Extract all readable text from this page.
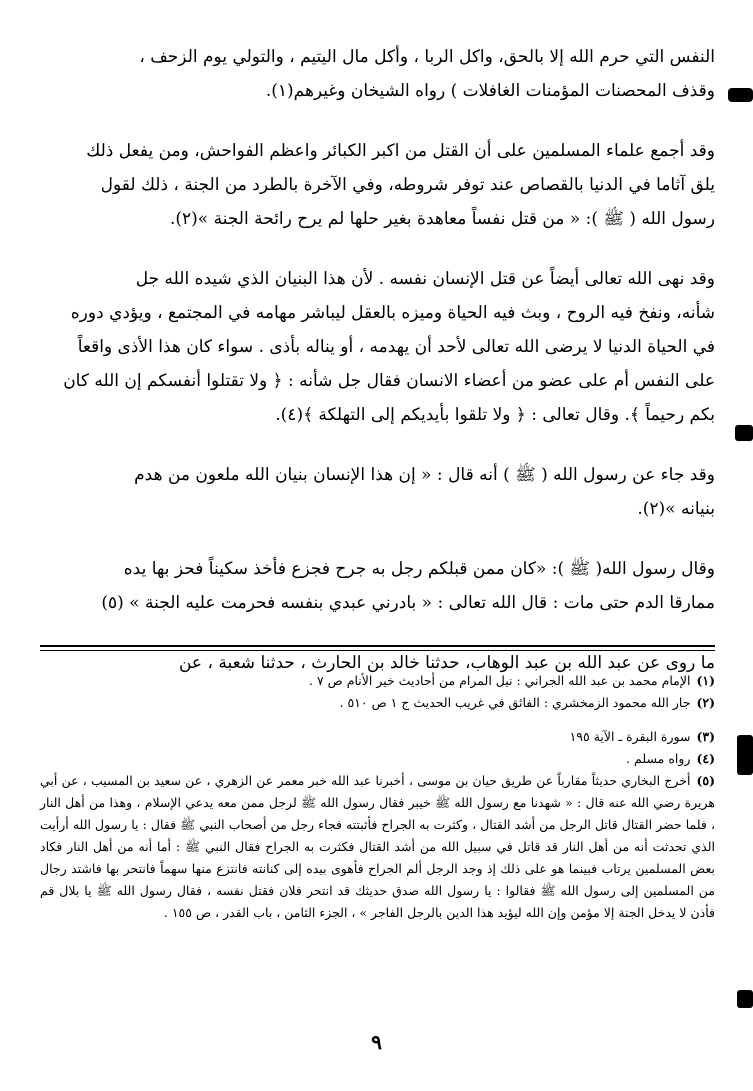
النفس التي حرم الله إلا بالحق، واكل الربا ، وأكل مال اليتيم ، والتولي يوم الزحف ،

وقذف المحصنات المؤمنات الغافلات ) رواه الشيخان وغيرهم(١).

وقد أجمع علماء المسلمين على أن القتل من اكبر الكبائر واعظم الفواحش، ومن يفعل ذلك

يلق آثاما في الدنيا بالقصاص عند توفر شروطه، وفي الآخرة بالطرد من الجنة ، ذلك لقول

رسول الله ( ﷺ ): « من قتل نفساً معاهدة بغير حلها لم يرح رائحة الجنة »(٢).

وقد نهى الله تعالى أيضاً عن قتل الإنسان نفسه . لأن هذا البنيان الذي شيده الله جل

شأنه، ونفخ فيه الروح ، وبث فيه الحياة وميزه بالعقل ليباشر مهامه في المجتمع ، ويؤدي دوره

في الحياة الدنيا لا يرضى الله تعالى لأحد أن يهدمه ، أو يناله بأذى . سواء كان هذا الأذى واقعاً

على النفس أم على عضو من أعضاء الانسان فقال جل شأنه : ﴿ ولا تقتلوا أنفسكم إن الله كان

بكم رحيماً ﴾. وقال تعالى : ﴿ ولا تلقوا بأيديكم إلى التهلكة ﴾(٤).

وقد جاء عن رسول الله ( ﷺ ) أنه قال : « إن هذا الإنسان بنيان الله ملعون من هدم

بنيانه »(٢).

وقال رسول الله( ﷺ ): «كان ممن قبلكم رجل به جرح فجزع فأخذ سكيناً فحز بها يده

ممارقا الدم حتى مات : قال الله تعالى : « بادرني عبدي بنفسه فحرمت عليه الجنة » (٥)

ما روى عن عبد الله بن عبد الوهاب، حدثنا خالد بن الحارث ، حدثنا شعبة ، عن

(١)الإمام محمد بن عبد الله الجراني : نيل المرام من أحاديث خير الأنام ص ٧ .

(٢)جار الله محمود الزمخشري : الفائق في غريب الحديث ج ١ ص ٥١٠ .

(٣)سورة البقرة ـ الآية ١٩٥

(٤)رواه مسلم .

(٥)أخرج البخاري حديثاً مقارباً عن طريق حيان بن موسى ، أخبرنا عبد الله خبر معمر عن الزهري ، عن سعيد بن المسيب ، عن أبي هريرة رضي الله عنه قال : « شهدنا مع رسول الله ﷺ خيبر فقال رسول الله ﷺ لرجل ممن معه يدعي الإسلام ، وهذا من أهل النار ، فلما حضر القتال قاتل الرجل من أشد القتال ، وكثرت به الجراح فأثبتته فجاء رجل من أصحاب النبي ﷺ فقال : يا رسول الله أرأيت الذي تحدثت أنه من أهل النار قد قاتل في سبيل الله من أشد القتال فكثرت به الجراح فقال النبي ﷺ : أما أنه من أهل النار فكاد بعض المسلمين يرتاب فبينما هو على ذلك إذ وجد الرجل ألم الجراح فأهوى بيده إلى كنانته فانتزع منها سهماً فانتحر بها فاشتد رجال من المسلمين إلى رسول الله ﷺ فقالوا : يا رسول الله صدق حديثك قد انتحر فلان فقتل نفسه ، فقال رسول الله ﷺ يا بلال قم فأذن لا يدخل الجنة إلا مؤمن وإن الله ليؤيد هذا الدين بالرجل الفاجر » ، الجزء الثامن ، باب القدر ، ص ١٥٥ .

٩
